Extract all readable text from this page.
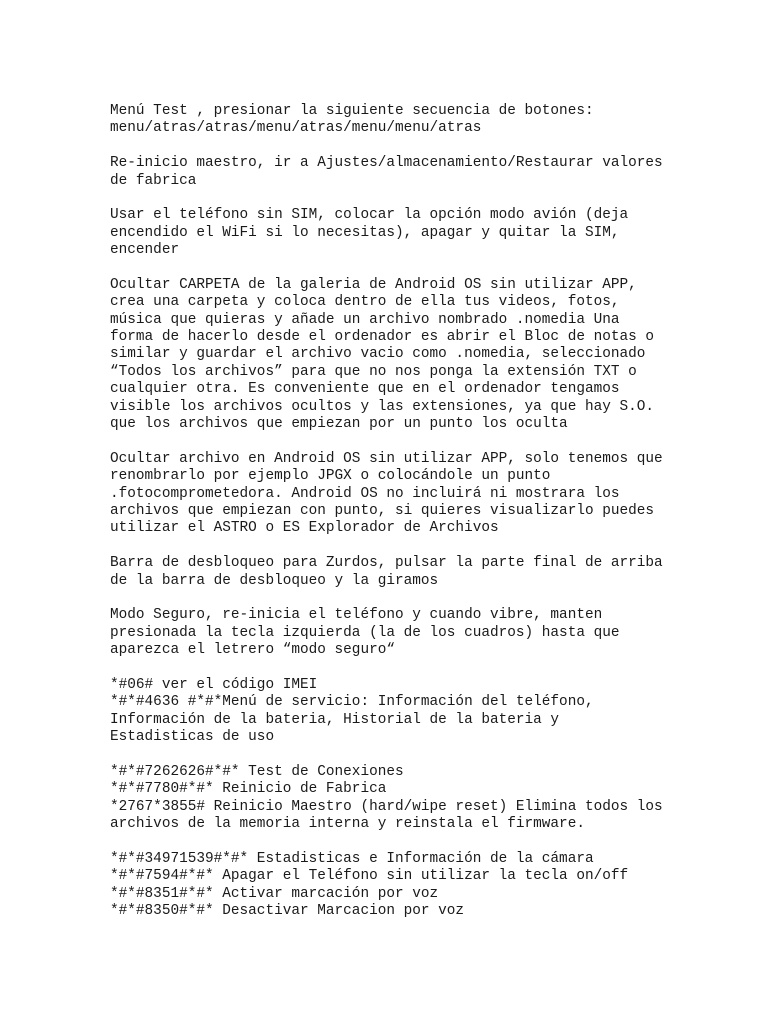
Menú Test , presionar la siguiente secuencia de botones:
menu/atras/atras/menu/atras/menu/menu/atras
Re-inicio maestro, ir a Ajustes/almacenamiento/Restaurar valores
de fabrica
Usar el teléfono sin SIM, colocar la opción modo avión (deja
encendido el WiFi si lo necesitas), apagar y quitar la SIM,
encender
Ocultar CARPETA de la galeria de Android OS sin utilizar APP,
crea una carpeta y coloca dentro de ella tus videos, fotos,
música que quieras y añade un archivo nombrado .nomedia Una
forma de hacerlo desde el ordenador es abrir el Bloc de notas o
similar y guardar el archivo vacio como .nomedia, seleccionado
“Todos los archivos” para que no nos ponga la extensión TXT o
cualquier otra. Es conveniente que en el ordenador tengamos
visible los archivos ocultos y las extensiones, ya que hay S.O.
que los archivos que empiezan por un punto los oculta
Ocultar archivo en Android OS sin utilizar APP, solo tenemos que
renombrarlo por ejemplo JPGX o colocándole un punto
.fotocomprometedora. Android OS no incluirá ni mostrara los
archivos que empiezan con punto, si quieres visualizarlo puedes
utilizar el ASTRO o ES Explorador de Archivos
Barra de desbloqueo para Zurdos, pulsar la parte final de arriba
de la barra de desbloqueo y la giramos
Modo Seguro, re-inicia el teléfono y cuando vibre, manten
presionada la tecla izquierda (la de los cuadros) hasta que
aparezca el letrero “modo seguro“
*#06# ver el código IMEI
*#*#4636 #*#*Menú de servicio: Información del teléfono,
Información de la bateria, Historial de la bateria y
Estadisticas de uso
*#*#7262626#*#* Test de Conexiones
*#*#7780#*#* Reinicio de Fabrica
*2767*3855# Reinicio Maestro (hard/wipe reset) Elimina todos los
archivos de la memoria interna y reinstala el firmware.
*#*#34971539#*#* Estadisticas e Información de la cámara
*#*#7594#*#* Apagar el Teléfono sin utilizar la tecla on/off
*#*#8351#*#* Activar marcación por voz
*#*#8350#*#* Desactivar Marcacion por voz
